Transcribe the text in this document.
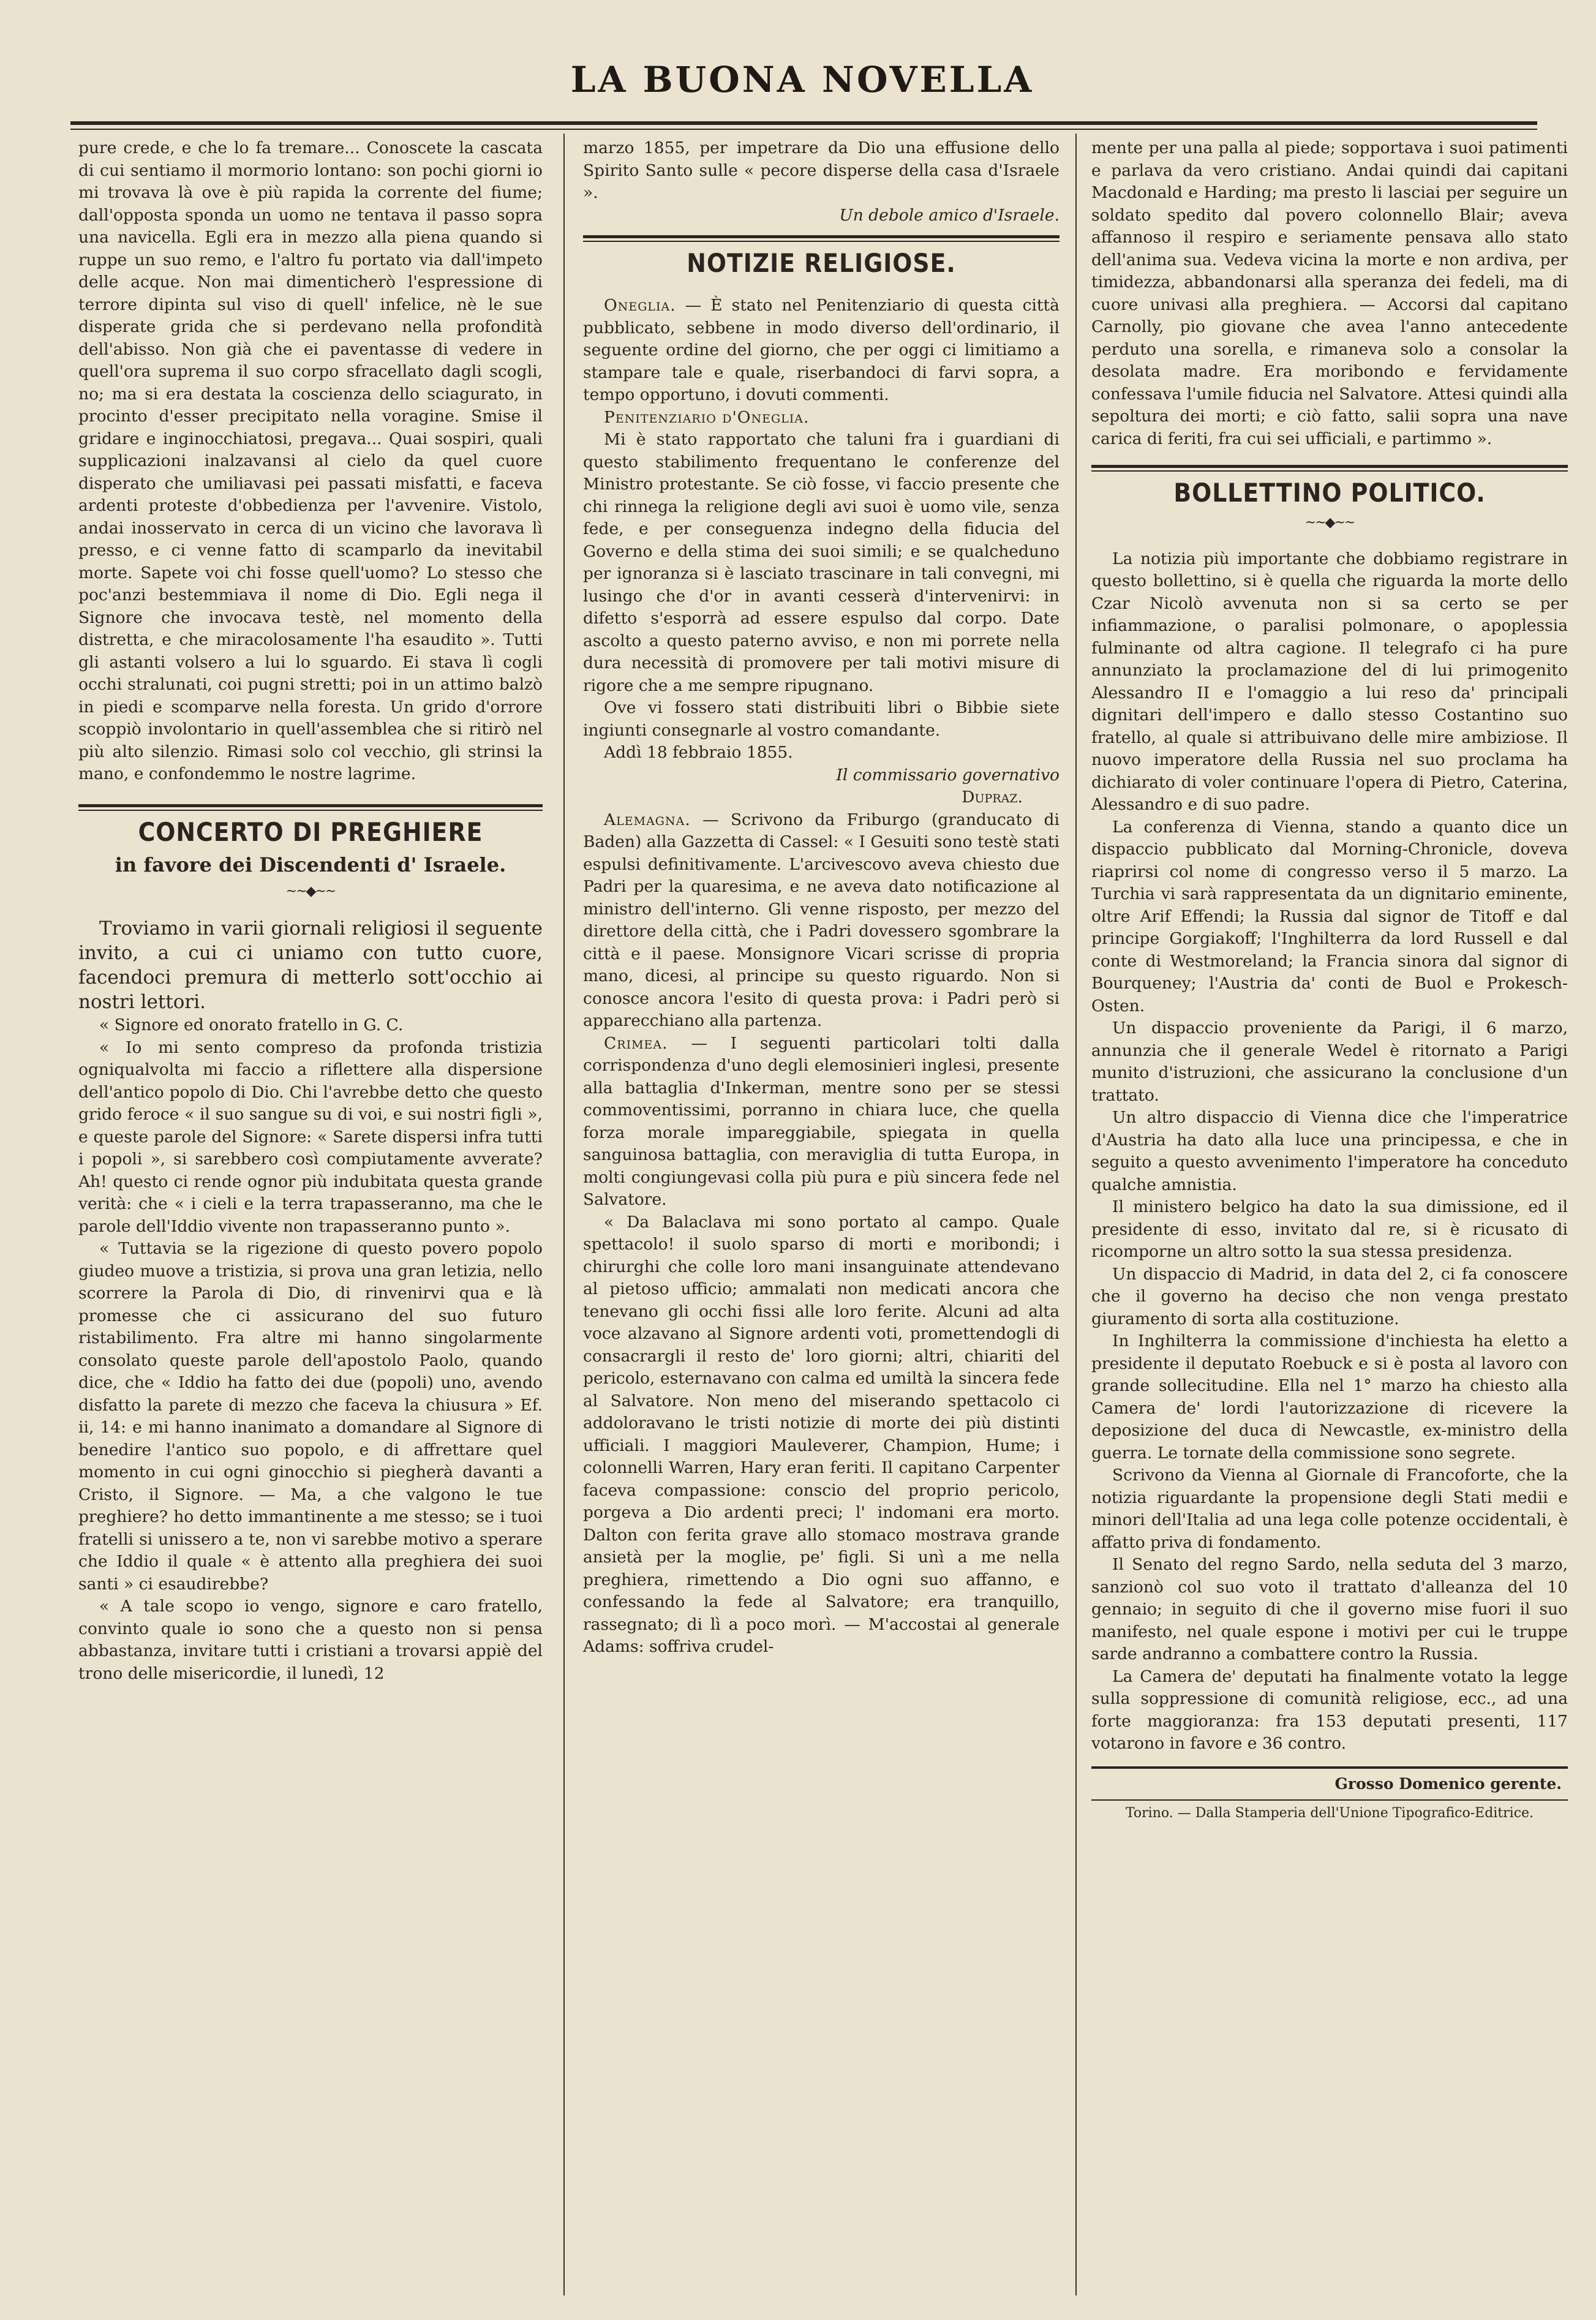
LA BUONA NOVELLA

pure crede, e che lo fa tremare... Conoscete la cascata di cui sentiamo il mormorio lontano: son pochi giorni io mi trovava là ove è più rapida la corrente del fiume; dall'opposta sponda un uomo ne tentava il passo sopra una navicella. Egli era in mezzo alla piena quando si ruppe un suo remo, e l'altro fu portato via dall'impeto delle acque. Non mai dimenticherò l'espressione di terrore dipinta sul viso di quell' infelice, nè le sue disperate grida che si perdevano nella profondità dell'abisso. Non già che ei paventasse di vedere in quell'ora suprema il suo corpo sfracellato dagli scogli, no; ma si era destata la coscienza dello sciagurato, in procinto d'esser precipitato nella voragine. Smise il gridare e inginocchiatosi, pregava... Quai sospiri, quali supplicazioni inalzavansi al cielo da quel cuore disperato che umiliavasi pei passati misfatti, e faceva ardenti proteste d'obbedienza per l'avvenire. Vistolo, andai inosservato in cerca di un vicino che lavorava lì presso, e ci venne fatto di scamparlo da inevitabil morte. Sapete voi chi fosse quell'uomo? Lo stesso che poc'anzi bestemmiava il nome di Dio. Egli nega il Signore che invocava testè, nel momento della distretta, e che miracolosamente l'ha esaudito ». Tutti gli astanti volsero a lui lo sguardo. Ei stava lì cogli occhi stralunati, coi pugni stretti; poi in un attimo balzò in piedi e scomparve nella foresta. Un grido d'orrore scoppiò involontario in quell'assemblea che si ritirò nel più alto silenzio. Rimasi solo col vecchio, gli strinsi la mano, e confondemmo le nostre lagrime.

CONCERTO DI PREGHIERE
in favore dei Discendenti d' Israele.
~~◆~~

Troviamo in varii giornali religiosi il seguente invito, a cui ci uniamo con tutto cuore, facendoci premura di metterlo sott'occhio ai nostri lettori.

« Signore ed onorato fratello in G. C.

« Io mi sento compreso da profonda tristizia ogniqualvolta mi faccio a riflettere alla dispersione dell'antico popolo di Dio. Chi l'avrebbe detto che questo grido feroce « il suo sangue su di voi, e sui nostri figli », e queste parole del Signore: « Sarete dispersi infra tutti i popoli », si sarebbero così compiutamente avverate? Ah! questo ci rende ognor più indubitata questa grande verità: che « i cieli e la terra trapasseranno, ma che le parole dell'Iddio vivente non trapasseranno punto ».

« Tuttavia se la rigezione di questo povero popolo giudeo muove a tristizia, si prova una gran letizia, nello scorrere la Parola di Dio, di rinvenirvi qua e là promesse che ci assicurano del suo futuro ristabilimento. Fra altre mi hanno singolarmente consolato queste parole dell'apostolo Paolo, quando dice, che « Iddio ha fatto dei due (popoli) uno, avendo disfatto la parete di mezzo che faceva la chiusura » Ef. ii, 14: e mi hanno inanimato a domandare al Signore di benedire l'antico suo popolo, e di affrettare quel momento in cui ogni ginocchio si piegherà davanti a Cristo, il Signore. — Ma, a che valgono le tue preghiere? ho detto immantinente a me stesso; se i tuoi fratelli si unissero a te, non vi sarebbe motivo a sperare che Iddio il quale « è attento alla preghiera dei suoi santi » ci esaudirebbe?

« A tale scopo io vengo, signore e caro fratello, convinto quale io sono che a questo non si pensa abbastanza, invitare tutti i cristiani a trovarsi appiè del trono delle misericordie, il lunedì, 12

marzo 1855, per impetrare da Dio una effusione dello Spirito Santo sulle « pecore disperse della casa d'Israele ».

Un debole amico d'Israele.

NOTIZIE RELIGIOSE.

Oneglia. — È stato nel Penitenziario di questa città pubblicato, sebbene in modo diverso dell'ordinario, il seguente ordine del giorno, che per oggi ci limitiamo a stampare tale e quale, riserbandoci di farvi sopra, a tempo opportuno, i dovuti commenti.

Penitenziario d'Oneglia.

Mi è stato rapportato che taluni fra i guardiani di questo stabilimento frequentano le conferenze del Ministro protestante. Se ciò fosse, vi faccio presente che chi rinnega la religione degli avi suoi è uomo vile, senza fede, e per conseguenza indegno della fiducia del Governo e della stima dei suoi simili; e se qualcheduno per ignoranza si è lasciato trascinare in tali convegni, mi lusingo che d'or in avanti cesserà d'intervenirvi: in difetto s'esporrà ad essere espulso dal corpo. Date ascolto a questo paterno avviso, e non mi porrete nella dura necessità di promovere per tali motivi misure di rigore che a me sempre ripugnano.

Ove vi fossero stati distribuiti libri o Bibbie siete ingiunti consegnarle al vostro comandante.

Addì 18 febbraio 1855.

Il commissario governativo

Dupraz.

Alemagna. — Scrivono da Friburgo (granducato di Baden) alla Gazzetta di Cassel: « I Gesuiti sono testè stati espulsi definitivamente. L'arcivescovo aveva chiesto due Padri per la quaresima, e ne aveva dato notificazione al ministro dell'interno. Gli venne risposto, per mezzo del direttore della città, che i Padri dovessero sgombrare la città e il paese. Monsignore Vicari scrisse di propria mano, dicesi, al principe su questo riguardo. Non si conosce ancora l'esito di questa prova: i Padri però si apparecchiano alla partenza.

Crimea. — I seguenti particolari tolti dalla corrispondenza d'uno degli elemosinieri inglesi, presente alla battaglia d'Inkerman, mentre sono per se stessi commoventissimi, porranno in chiara luce, che quella forza morale impareggiabile, spiegata in quella sanguinosa battaglia, con meraviglia di tutta Europa, in molti congiungevasi colla più pura e più sincera fede nel Salvatore.

« Da Balaclava mi sono portato al campo. Quale spettacolo! il suolo sparso di morti e moribondi; i chirurghi che colle loro mani insanguinate attendevano al pietoso ufficio; ammalati non medicati ancora che tenevano gli occhi fissi alle loro ferite. Alcuni ad alta voce alzavano al Signore ardenti voti, promettendogli di consacrargli il resto de' loro giorni; altri, chiariti del pericolo, esternavano con calma ed umiltà la sincera fede al Salvatore. Non meno del miserando spettacolo ci addoloravano le tristi notizie di morte dei più distinti ufficiali. I maggiori Mauleverer, Champion, Hume; i colonnelli Warren, Hary eran feriti. Il capitano Carpenter faceva compassione: conscio del proprio pericolo, porgeva a Dio ardenti preci; l' indomani era morto. Dalton con ferita grave allo stomaco mostrava grande ansietà per la moglie, pe' figli. Si unì a me nella preghiera, rimettendo a Dio ogni suo affanno, e confessando la fede al Salvatore; era tranquillo, rassegnato; di lì a poco morì. — M'accostai al generale Adams: soffriva crudel-

mente per una palla al piede; sopportava i suoi patimenti e parlava da vero cristiano. Andai quindi dai capitani Macdonald e Harding; ma presto li lasciai per seguire un soldato spedito dal povero colonnello Blair; aveva affannoso il respiro e seriamente pensava allo stato dell'anima sua. Vedeva vicina la morte e non ardiva, per timidezza, abbandonarsi alla speranza dei fedeli, ma di cuore univasi alla preghiera. — Accorsi dal capitano Carnolly, pio giovane che avea l'anno antecedente perduto una sorella, e rimaneva solo a consolar la desolata madre. Era moribondo e fervidamente confessava l'umile fiducia nel Salvatore. Attesi quindi alla sepoltura dei morti; e ciò fatto, salii sopra una nave carica di feriti, fra cui sei ufficiali, e partimmo ».

BOLLETTINO POLITICO.
~~◆~~

La notizia più importante che dobbiamo registrare in questo bollettino, si è quella che riguarda la morte dello Czar Nicolò avvenuta non si sa certo se per infiammazione, o paralisi polmonare, o apoplessia fulminante od altra cagione. Il telegrafo ci ha pure annunziato la proclamazione del di lui primogenito Alessandro II e l'omaggio a lui reso da' principali dignitari dell'impero e dallo stesso Costantino suo fratello, al quale si attribuivano delle mire ambiziose. Il nuovo imperatore della Russia nel suo proclama ha dichiarato di voler continuare l'opera di Pietro, Caterina, Alessandro e di suo padre.

La conferenza di Vienna, stando a quanto dice un dispaccio pubblicato dal Morning-Chronicle, doveva riaprirsi col nome di congresso verso il 5 marzo. La Turchia vi sarà rappresentata da un dignitario eminente, oltre Arif Effendi; la Russia dal signor de Titoff e dal principe Gorgiakoff; l'Inghilterra da lord Russell e dal conte di Westmoreland; la Francia sinora dal signor di Bourqueney; l'Austria da' conti de Buol e Prokesch-Osten.

Un dispaccio proveniente da Parigi, il 6 marzo, annunzia che il generale Wedel è ritornato a Parigi munito d'istruzioni, che assicurano la conclusione d'un trattato.

Un altro dispaccio di Vienna dice che l'imperatrice d'Austria ha dato alla luce una principessa, e che in seguito a questo avvenimento l'imperatore ha conceduto qualche amnistia.

Il ministero belgico ha dato la sua dimissione, ed il presidente di esso, invitato dal re, si è ricusato di ricomporne un altro sotto la sua stessa presidenza.

Un dispaccio di Madrid, in data del 2, ci fa conoscere che il governo ha deciso che non venga prestato giuramento di sorta alla costituzione.

In Inghilterra la commissione d'inchiesta ha eletto a presidente il deputato Roebuck e si è posta al lavoro con grande sollecitudine. Ella nel 1° marzo ha chiesto alla Camera de' lordi l'autorizzazione di ricevere la deposizione del duca di Newcastle, ex-ministro della guerra. Le tornate della commissione sono segrete.

Scrivono da Vienna al Giornale di Francoforte, che la notizia riguardante la propensione degli Stati medii e minori dell'Italia ad una lega colle potenze occidentali, è affatto priva di fondamento.

Il Senato del regno Sardo, nella seduta del 3 marzo, sanzionò col suo voto il trattato d'alleanza del 10 gennaio; in seguito di che il governo mise fuori il suo manifesto, nel quale espone i motivi per cui le truppe sarde andranno a combattere contro la Russia.

La Camera de' deputati ha finalmente votato la legge sulla soppressione di comunità religiose, ecc., ad una forte maggioranza: fra 153 deputati presenti, 117 votarono in favore e 36 contro.

Grosso Domenico gerente.
Torino. — Dalla Stamperia dell'Unione Tipografico-Editrice.
